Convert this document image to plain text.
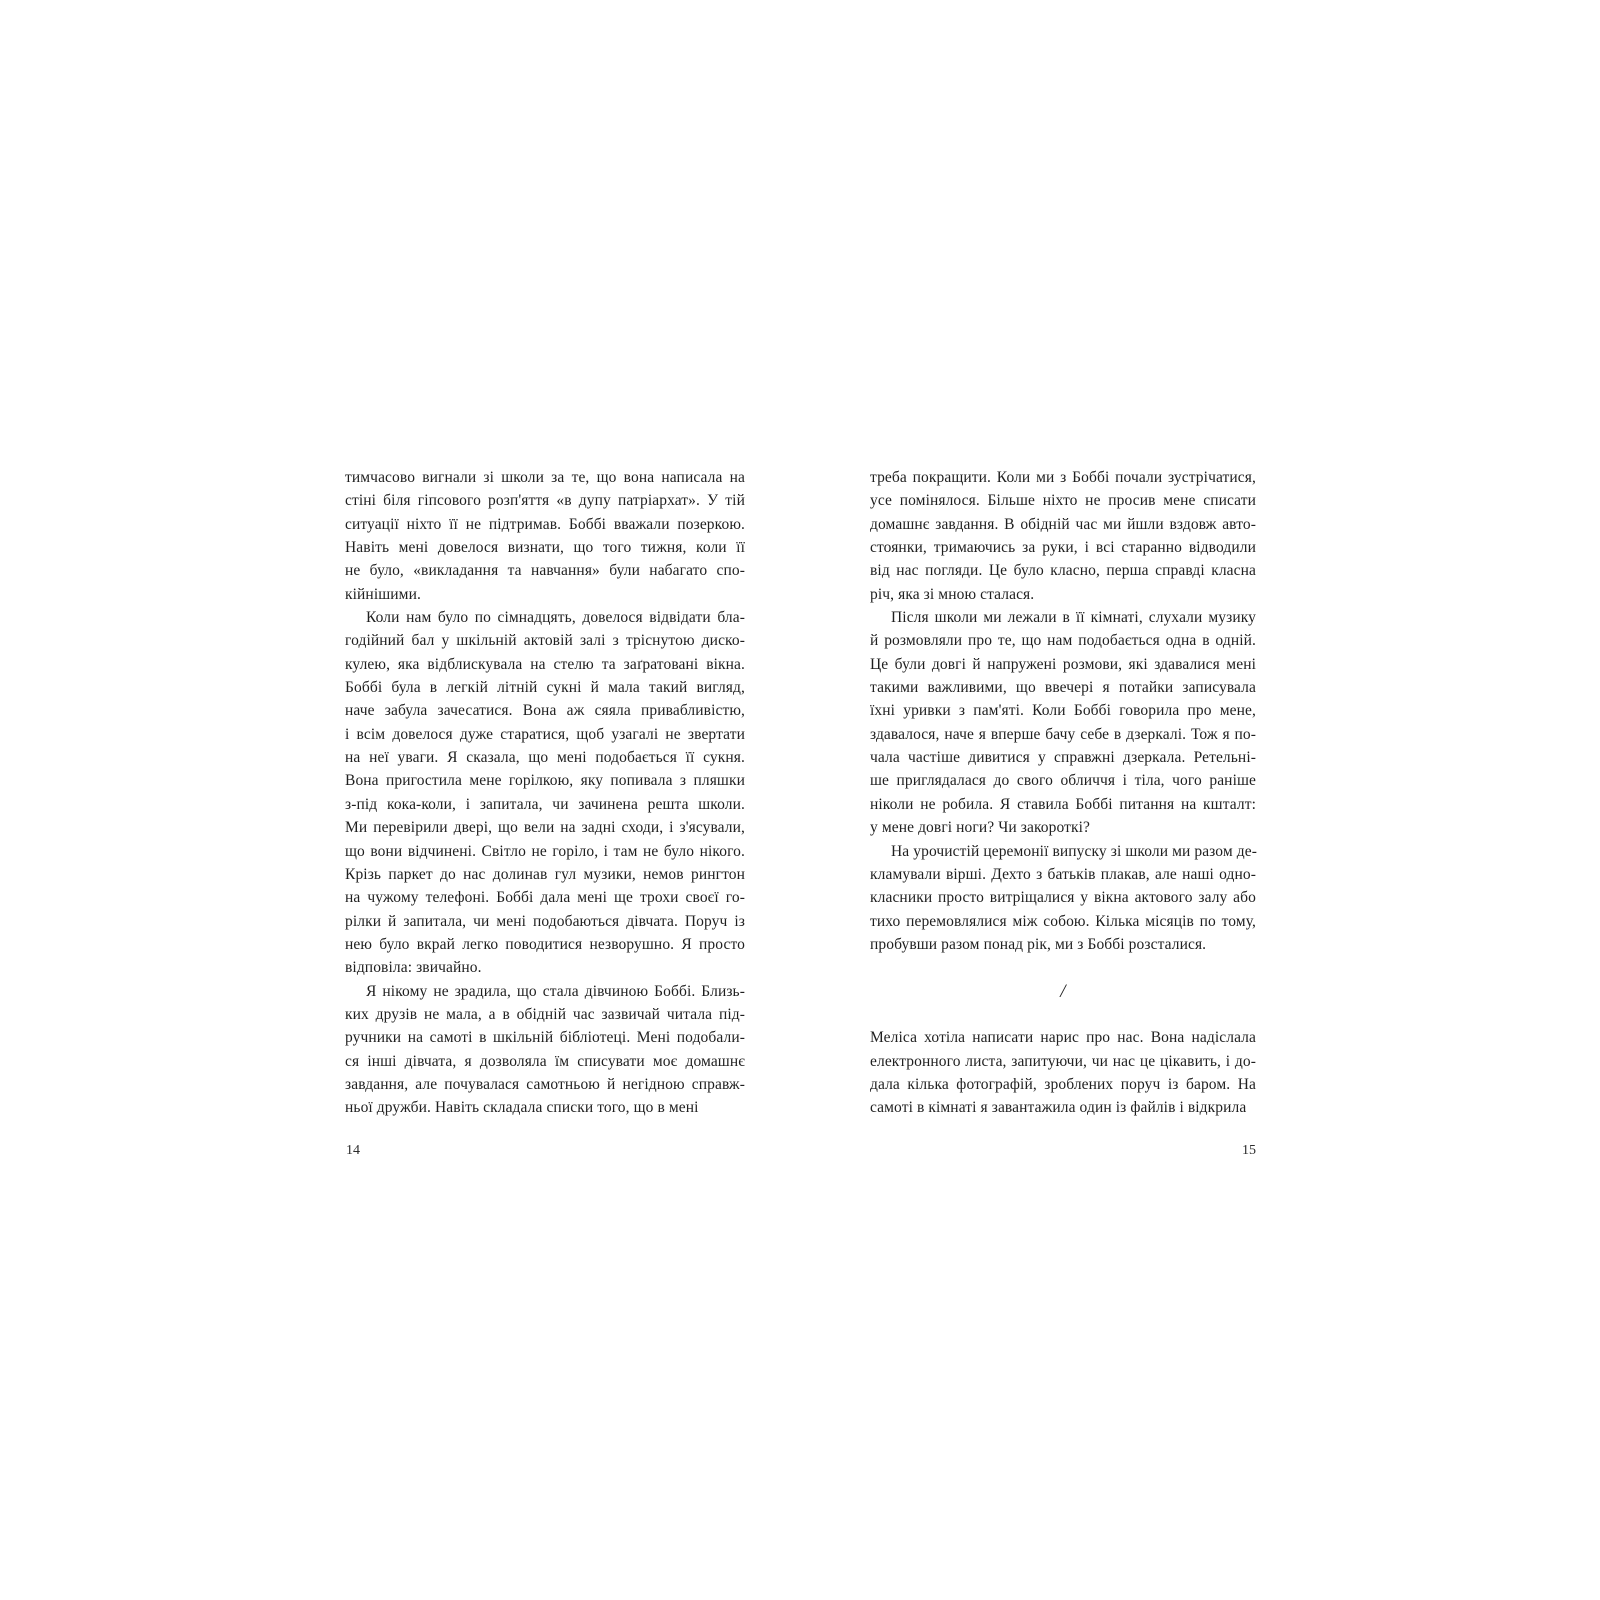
тимчасово вигнали зі школи за те, що вона написала на
стіні біля гіпсового розп'яття «в дупу патріархат». У тій
ситуації ніхто її не підтримав. Боббі вважали позеркою.
Навіть мені довелося визнати, що того тижня, коли її
не було, «викладання та навчання» були набагато спо-
кійнішими.
Коли нам було по сімнадцять, довелося відвідати бла-
годійний бал у шкільній актовій залі з тріснутою диско-
кулею, яка відблискувала на стелю та заґратовані вікна.
Боббі була в легкій літній сукні й мала такий вигляд,
наче забула зачесатися. Вона аж сяяла привабливістю,
і всім довелося дуже старатися, щоб узагалі не звертати
на неї уваги. Я сказала, що мені подобається її сукня.
Вона пригостила мене горілкою, яку попивала з пляшки
з-під кока-коли, і запитала, чи зачинена решта школи.
Ми перевірили двері, що вели на задні сходи, і з'ясували,
що вони відчинені. Світло не горіло, і там не було нікого.
Крізь паркет до нас долинав гул музики, немов рингтон
на чужому телефоні. Боббі дала мені ще трохи своєї го-
рілки й запитала, чи мені подобаються дівчата. Поруч із
нею було вкрай легко поводитися незворушно. Я просто
відповіла: звичайно.
Я нікому не зрадила, що стала дівчиною Боббі. Близь-
ких друзів не мала, а в обідній час зазвичай читала під-
ручники на самоті в шкільній бібліотеці. Мені подобали-
ся інші дівчата, я дозволяла їм списувати моє домашнє
завдання, але почувалася самотньою й негідною справж-
ньої дружби. Навіть складала списки того, що в мені
14
треба покращити. Коли ми з Боббі почали зустрічатися,
усе помінялося. Більше ніхто не просив мене списати
домашнє завдання. В обідній час ми йшли вздовж авто-
стоянки, тримаючись за руки, і всі старанно відводили
від нас погляди. Це було класно, перша справді класна
річ, яка зі мною сталася.
Після школи ми лежали в її кімнаті, слухали музику
й розмовляли про те, що нам подобається одна в одній.
Це були довгі й напружені розмови, які здавалися мені
такими важливими, що ввечері я потайки записувала
їхні уривки з пам'яті. Коли Боббі говорила про мене,
здавалося, наче я вперше бачу себе в дзеркалі. Тож я по-
чала частіше дивитися у справжні дзеркала. Ретельні-
ше приглядалася до свого обличчя і тіла, чого раніше
ніколи не робила. Я ставила Боббі питання на кшталт:
у мене довгі ноги? Чи закороткі?
На урочистій церемонії випуску зі школи ми разом де-
кламували вірші. Дехто з батьків плакав, але наші одно-
класники просто витріщалися у вікна актового залу або
тихо перемовлялися між собою. Кілька місяців по тому,
пробувши разом понад рік, ми з Боббі розсталися.
/
Меліса хотіла написати нарис про нас. Вона надіслала
електронного листа, запитуючи, чи нас це цікавить, і до-
дала кілька фотографій, зроблених поруч із баром. На
самоті в кімнаті я завантажила один із файлів і відкрила
15
